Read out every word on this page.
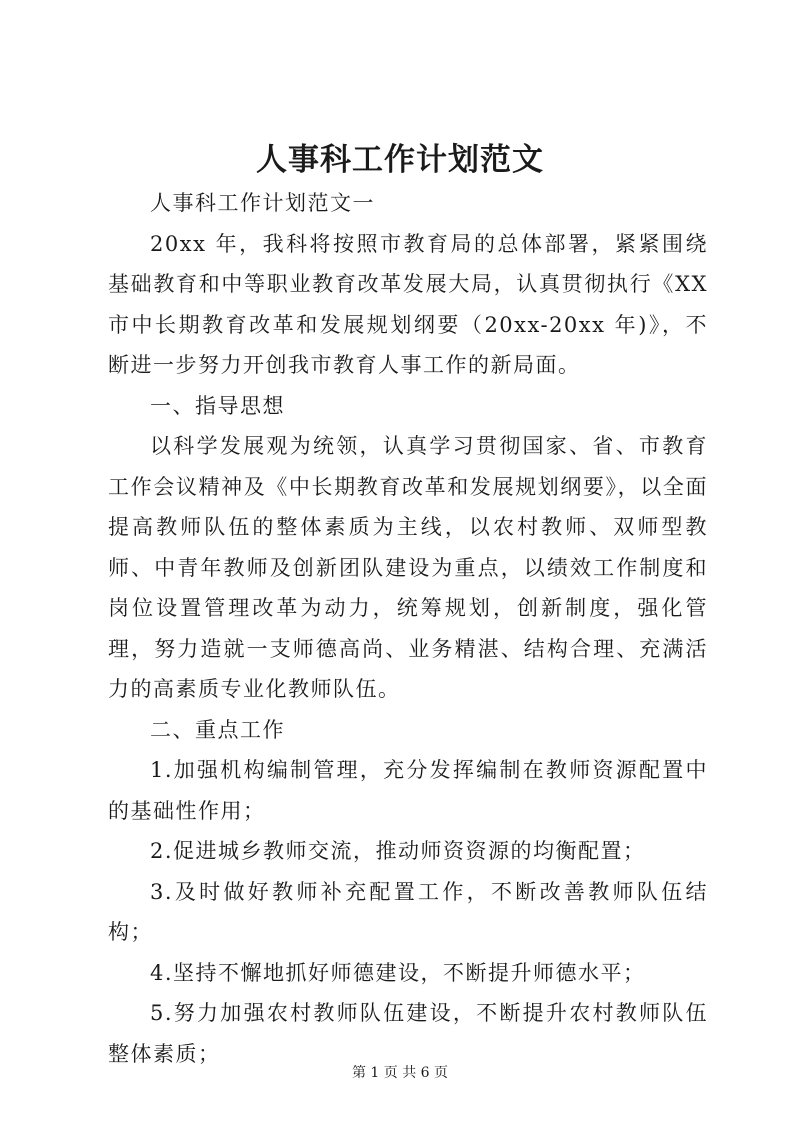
人事科工作计划范文

人事科工作计划范文一

20xx 年，我科将按照市教育局的总体部署，紧紧围绕基础教育和中等职业教育改革发展大局，认真贯彻执行《XX 市中长期教育改革和发展规划纲要（20xx-20xx 年)》，不断进一步努力开创我市教育人事工作的新局面。

一、指导思想

以科学发展观为统领，认真学习贯彻国家、省、市教育工作会议精神及《中长期教育改革和发展规划纲要》，以全面提高教师队伍的整体素质为主线，以农村教师、双师型教师、中青年教师及创新团队建设为重点，以绩效工作制度和岗位设置管理改革为动力，统筹规划，创新制度，强化管理，努力造就一支师德高尚、业务精湛、结构合理、充满活力的高素质专业化教师队伍。

二、重点工作

1.加强机构编制管理，充分发挥编制在教师资源配置中的基础性作用；

2.促进城乡教师交流，推动师资资源的均衡配置；

3.及时做好教师补充配置工作，不断改善教师队伍结构；

4.坚持不懈地抓好师德建设，不断提升师德水平；

5.努力加强农村教师队伍建设，不断提升农村教师队伍整体素质；

第 1 页 共 6 页
